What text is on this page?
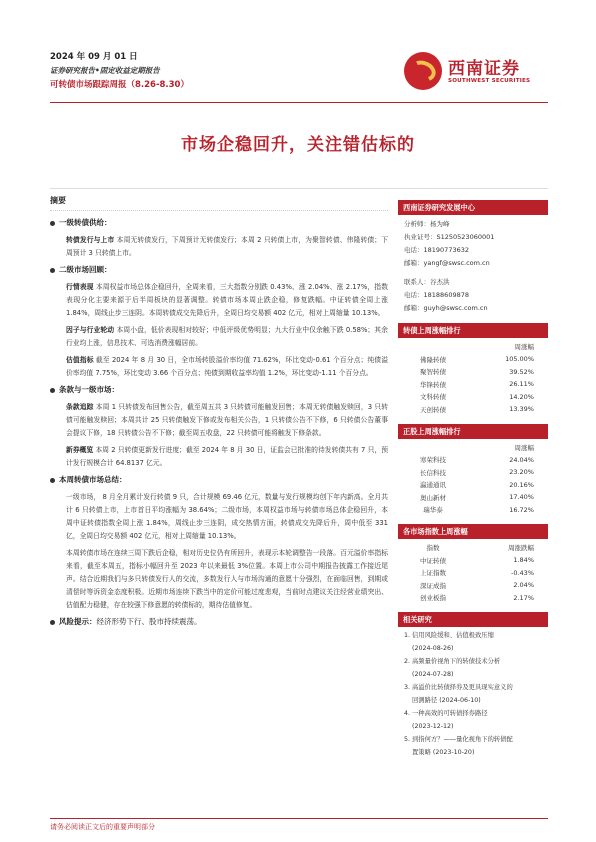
2024 年 09 月 01 日
证券研究报告•固定收益定期报告
可转债市场跟踪周报（8.26-8.30）
西南证券
SOUTHWEST SECURITIES
市场企稳回升，关注错估标的
摘要
一级转债供给：
转债发行与上市 本周无转债发行，下周预计无转债发行；本周 2 只转债上市，为聚智转债、伟隆转债；下周预计 3 只转债上市。
二级市场回顾：
行情表现 本周权益市场总体企稳回升，全周来看，三大指数分别跌 0.43%、涨 2.04%、涨 2.17%，指数表现分化主要来源于后半周板块的显著调整。转债市场本周止跌企稳，修复跌幅。中证转债全周上涨 1.84%，周线止步三连阴。本周转债成交先降后升，全周日均交易额 402 亿元，相对上周缩量 10.13%。
因子与行业轮动 本周小盘，低价表现相对较好；中低评级优势明显；九大行业中仅余触下跌 0.58%；其余行业均上涨，信息技术、可选消费涨幅居前。
估值指标 截至 2024 年 8 月 30 日，全市场转股溢价率均值 71.62%，环比变动-0.61 个百分点；纯债溢价率均值 7.75%，环比变动 3.66 个百分点；纯债到期收益率均值 1.2%，环比变动-1.11 个百分点。
条款与一级市场：
条款追踪 本周 1 只转债发布回售公告，截至周五共 3 只转债可能触发回售；本周无转债触发赎回，3 只转债可能触发赎回；本周共计 25 只转债触发下修或发布相关公告，1 只转债公告不下修，6 只转债公告董事会提议下修，18 只转债公告不下修；截至周五收盘，22 只转债可能将触发下修条款。
新券概览 本周 2 只转债更新发行进度；截至 2024 年 8 月 30 日，证监会已批准的待发转债共有 7 只，预计发行规模合计 64.8137 亿元。
本周转债市场总结：
一级市场， 8 月全月累计发行转债 9 只，合计规模 69.46 亿元，数量与发行规模均创下年内新高。全月共计 6 只转债上市，上市首日平均涨幅为 38.64%；二级市场，本周权益市场与转债市场总体企稳回升，本周中证转债指数全周上涨 1.84%，周线止步三连阴，成交热情方面，转债成交先降后升，周中低至 331 亿，全周日均交易额 402 亿元，相对上周缩量 10.13%。
本周转债市场在连续三周下跌后企稳，相对历史位仍有所回升，表现示本轮调整告一段落。百元溢价率指标来看，截至本周五，指标小幅回升至 2023 年以来最低 3%位置。本周上市公司中期报告披露工作接近尾声。结合近期我们与多只转债发行人的交流，多数发行人与市场沟通的意愿十分强烈，在面临回售，到期或清偿时等诉资金态度积极。近期市场连续下跌当中的定价可能过度悲观，当前时点建议关注经营业绩突出、估值配力稳健，存在较强下修意愿的转债标的，期待估值修复。
风险提示：经济形势下行、股市持续震荡。
西南证券研究发展中心
分析师：杨为峰
执业证号：S1250523060001
电话：18190773632
邮箱：yangf@swsc.com.cn
联系人：谷杰洪
电话：18188609878
邮箱：guyh@swsc.com.cn
转债上周涨幅排行
	周涨幅
佛隆转债	105.00%
聚智转债	39.52%
华锋转债	26.11%
文科转债	14.20%
天创转债	13.39%
正股上周涨幅排行
	周涨幅
寒荣科技	24.04%
长信科技	23.20%
瀛通通讯	20.16%
奥山新材	17.40%
瑞华泰	16.72%
各市场指数上周涨幅
指数	周涨跌幅
中证转债	1.84%
上证指数	-0.43%
深证成指	2.04%
创业板指	2.17%
相关研究
1. 信用风险缓和、估值极致压缩
(2024-08-26)
2. 高频量价视角下的转债技术分析
(2024-07-28)
3. 高溢价比转债择券及更具现实意义的
回测路径 (2024-06-10)
4. 一种高效的可转债择券路径
(2023-12-12)
5. 到指何方？——量化视角下的转债配
置策略 (2023-10-20)
请务必阅读正文后的重要声明部分
